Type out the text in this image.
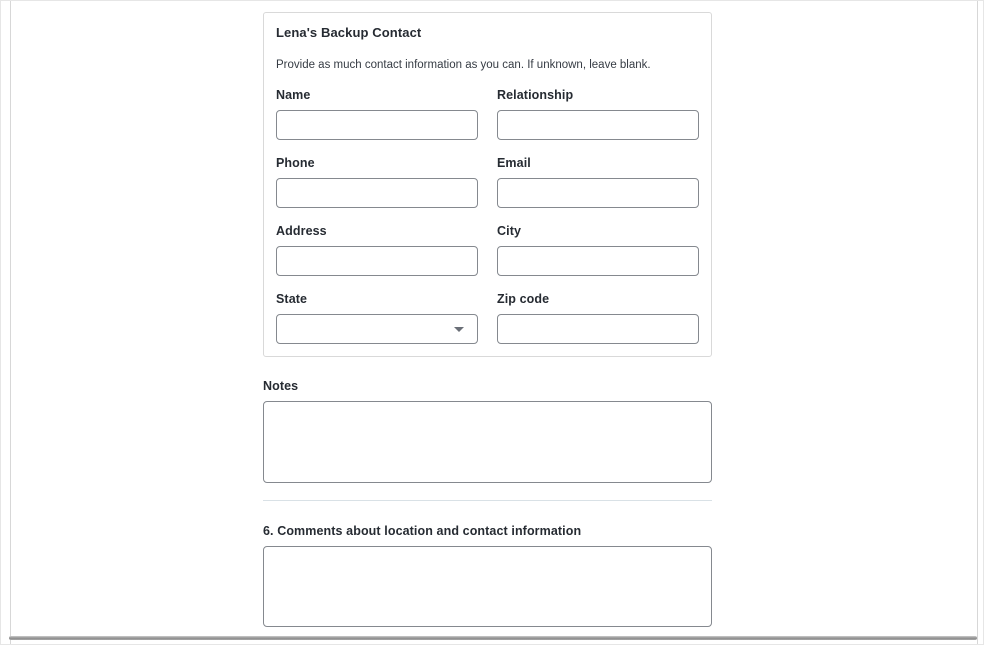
Lena's Backup Contact

Provide as much contact information as you can. If unknown, leave blank.

Name	Relationship
Phone	Email
Address	City
State	Zip code
Notes
6. Comments about location and contact information
